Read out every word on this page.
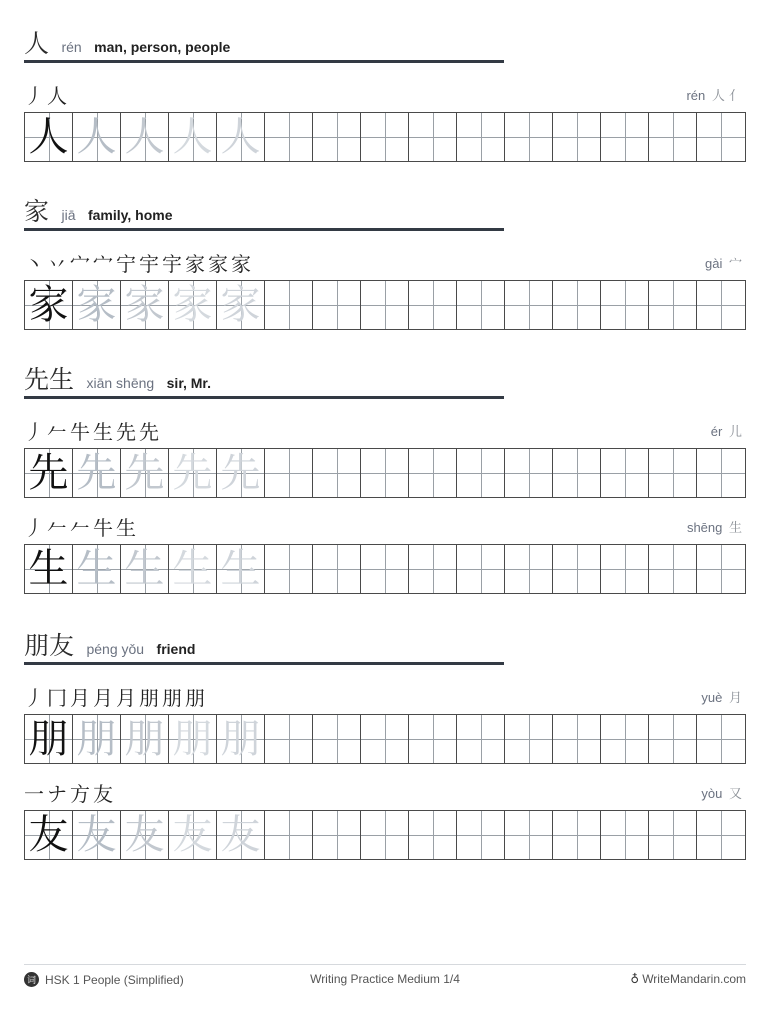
人 rén man, person, people
丿 人	rén 人 亻
人 人 人 人 人
家 jiā family, home
丶 丷 宀 宀 宁 宇 宇 家 家 家	gài 宀
家 家 家 家 家
先生 xiān shēng sir, Mr.
丿 𠂉 牛 生 先 先	ér 儿
先 先 先 先 先
丿 𠂉 𠂉 牛 生	shēng 生
生 生 生 生 生
朋友 péng yǒu friend
丿 冂 月 月 月 朋 朋 朋	yuè 月
朋 朋 朋 朋 朋
一 ナ 方 友	yòu 又
友 友 友 友 友
词 HSK 1 People (Simplified)	Writing Practice Medium 1/4	♁ WriteMandarin.com
